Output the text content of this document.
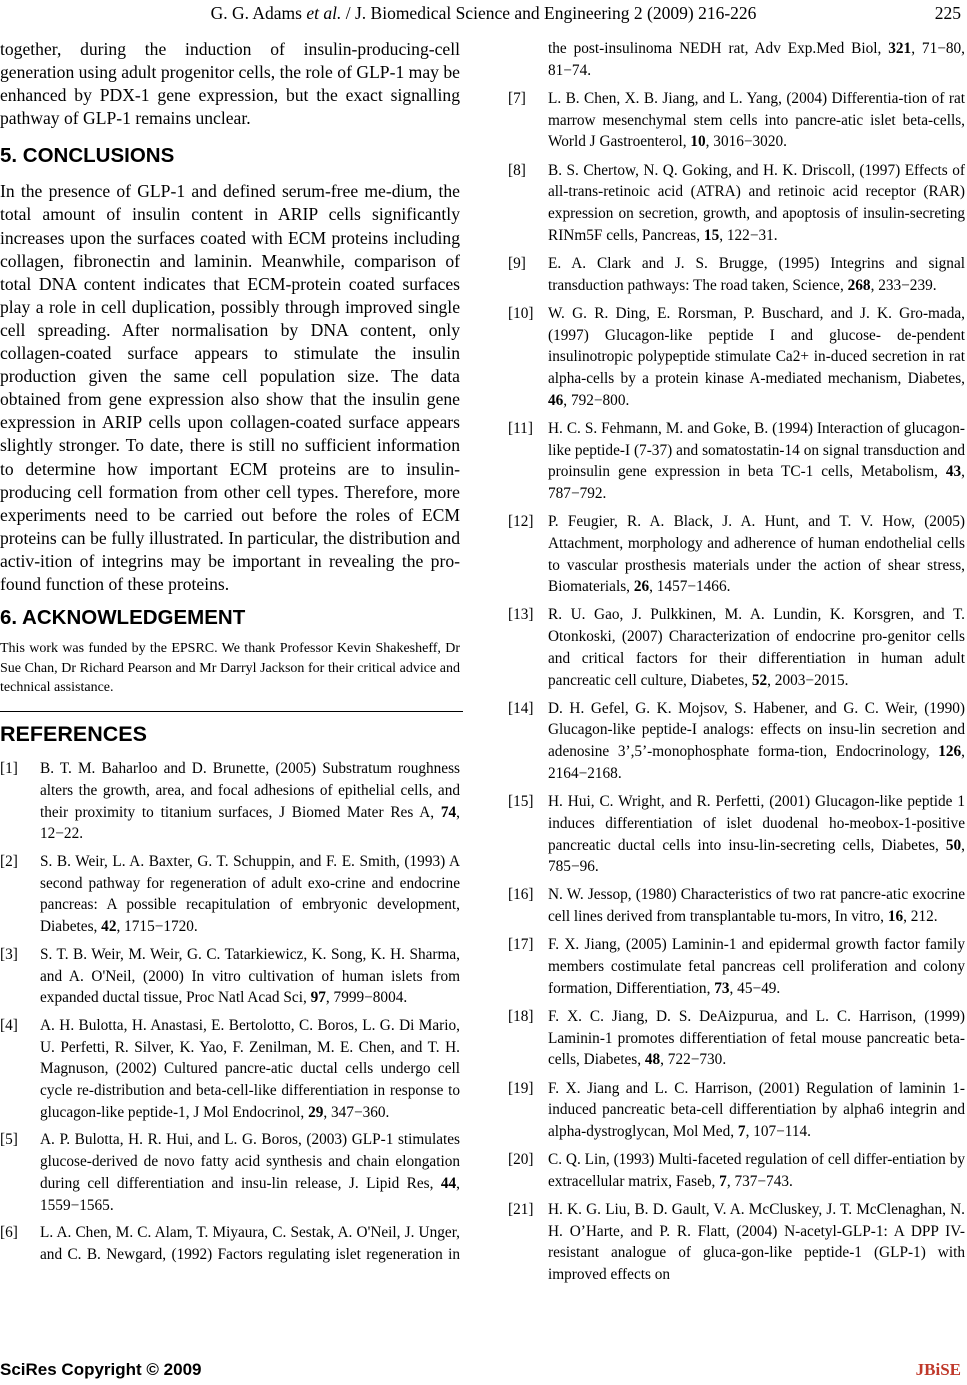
G. G. Adams et al. / J. Biomedical Science and Engineering 2 (2009) 216-226	225

together, during the induction of insulin-producing-cell generation using adult progenitor cells, the role of GLP-1 may be enhanced by PDX-1 gene expression, but the exact signalling pathway of GLP-1 remains unclear.

5. CONCLUSIONS

In the presence of GLP-1 and defined serum-free me-dium, the total amount of insulin content in ARIP cells significantly increases upon the surfaces coated with ECM proteins including collagen, fibronectin and laminin. Meanwhile, comparison of total DNA content indicates that ECM-protein coated surfaces play a role in cell duplication, possibly through improved single cell spreading. After normalisation by DNA content, only collagen-coated surface appears to stimulate the insulin production given the same cell population size. The data obtained from gene expression also show that the insulin gene expression in ARIP cells upon collagen-coated surface appears slightly stronger. To date, there is still no sufficient information to determine how important ECM proteins are to insulin-producing cell formation from other cell types. Therefore, more experiments need to be carried out before the roles of ECM proteins can be fully illustrated. In particular, the distribution and activ-ition of integrins may be important in revealing the pro-found function of these proteins.

6. ACKNOWLEDGEMENT

This work was funded by the EPSRC. We thank Professor Kevin Shakesheff, Dr Sue Chan, Dr Richard Pearson and Mr Darryl Jackson for their critical advice and technical assistance.

REFERENCES
[1] B. T. M. Baharloo and D. Brunette, (2005) Substratum roughness alters the growth, area, and focal adhesions of epithelial cells, and their proximity to titanium surfaces, J Biomed Mater Res A, 74, 12−22.
[2] S. B. Weir, L. A. Baxter, G. T. Schuppin, and F. E. Smith, (1993) A second pathway for regeneration of adult exo-crine and endocrine pancreas: A possible recapitulation of embryonic development, Diabetes, 42, 1715−1720.
[3] S. T. B. Weir, M. Weir, G. C. Tatarkiewicz, K. Song, K. H. Sharma, and A. O'Neil, (2000) In vitro cultivation of human islets from expanded ductal tissue, Proc Natl Acad Sci, 97, 7999−8004.
[4] A. H. Bulotta, H. Anastasi, E. Bertolotto, C. Boros, L. G. Di Mario, U. Perfetti, R. Silver, K. Yao, F. Zenilman, M. E. Chen, and T. H. Magnuson, (2002) Cultured pancre-atic ductal cells undergo cell cycle re-distribution and beta-cell-like differentiation in response to glucagon-like peptide-1, J Mol Endocrinol, 29, 347−360.
[5] A. P. Bulotta, H. R. Hui, and L. G. Boros, (2003) GLP-1 stimulates glucose-derived de novo fatty acid synthesis and chain elongation during cell differentiation and insu-lin release, J. Lipid Res, 44, 1559−1565.
[6] L. A. Chen, M. C. Alam, T. Miyaura, C. Sestak, A. O'Neil, J. Unger, and C. B. Newgard, (1992) Factors regulating islet regeneration in
the post-insulinoma NEDH rat, Adv Exp.Med Biol, 321, 71−80, 81−74.
[7] L. B. Chen, X. B. Jiang, and L. Yang, (2004) Differentia-tion of rat marrow mesenchymal stem cells into pancre-atic islet beta-cells, World J Gastroenterol, 10, 3016−3020.
[8] B. S. Chertow, N. Q. Goking, and H. K. Driscoll, (1997) Effects of all-trans-retinoic acid (ATRA) and retinoic acid receptor (RAR) expression on secretion, growth, and apoptosis of insulin-secreting RINm5F cells, Pancreas, 15, 122−31.
[9] E. A. Clark and J. S. Brugge, (1995) Integrins and signal transduction pathways: The road taken, Science, 268, 233−239.
[10] W. G. R. Ding, E. Rorsman, P. Buschard, and J. K. Gro-mada, (1997) Glucagon-like peptide I and glucose- de-pendent insulinotropic polypeptide stimulate Ca2+ in-duced secretion in rat alpha-cells by a protein kinase A-mediated mechanism, Diabetes, 46, 792−800.
[11] H. C. S. Fehmann, M. and Goke, B. (1994) Interaction of glucagon-like peptide-I (7-37) and somatostatin-14 on signal transduction and proinsulin gene expression in beta TC-1 cells, Metabolism, 43, 787−792.
[12] P. Feugier, R. A. Black, J. A. Hunt, and T. V. How, (2005) Attachment, morphology and adherence of human endothelial cells to vascular prosthesis materials under the action of shear stress, Biomaterials, 26, 1457−1466.
[13] R. U. Gao, J. Pulkkinen, M. A. Lundin, K. Korsgren, and T. Otonkoski, (2007) Characterization of endocrine pro-genitor cells and critical factors for their differentiation in human adult pancreatic cell culture, Diabetes, 52, 2003−2015.
[14] D. H. Gefel, G. K. Mojsov, S. Habener, and G. C. Weir, (1990) Glucagon-like peptide-I analogs: effects on insu-lin secretion and adenosine 3’,5’-monophosphate forma-tion, Endocrinology, 126, 2164−2168.
[15] H. Hui, C. Wright, and R. Perfetti, (2001) Glucagon-like peptide 1 induces differentiation of islet duodenal ho-meobox-1-positive pancreatic ductal cells into insu-lin-secreting cells, Diabetes, 50, 785−96.
[16] N. W. Jessop, (1980) Characteristics of two rat pancre-atic exocrine cell lines derived from transplantable tu-mors, In vitro, 16, 212.
[17] F. X. Jiang, (2005) Laminin-1 and epidermal growth factor family members costimulate fetal pancreas cell proliferation and colony formation, Differentiation, 73, 45−49.
[18] F. X. C. Jiang, D. S. DeAizpurua, and L. C. Harrison, (1999) Laminin-1 promotes differentiation of fetal mouse pancreatic beta-cells, Diabetes, 48, 722−730.
[19] F. X. Jiang and L. C. Harrison, (2001) Regulation of laminin 1-induced pancreatic beta-cell differentiation by alpha6 integrin and alpha-dystroglycan, Mol Med, 7, 107−114.
[20] C. Q. Lin, (1993) Multi-faceted regulation of cell differ-entiation by extracellular matrix, Faseb, 7, 737−743.
[21] H. K. G. Liu, B. D. Gault, V. A. McCluskey, J. T. McClenaghan, N. H. O’Harte, and P. R. Flatt, (2004) N-acetyl-GLP-1: A DPP IV-resistant analogue of gluca-gon-like peptide-1 (GLP-1) with improved effects on
SciRes Copyright © 2009	JBiSE
